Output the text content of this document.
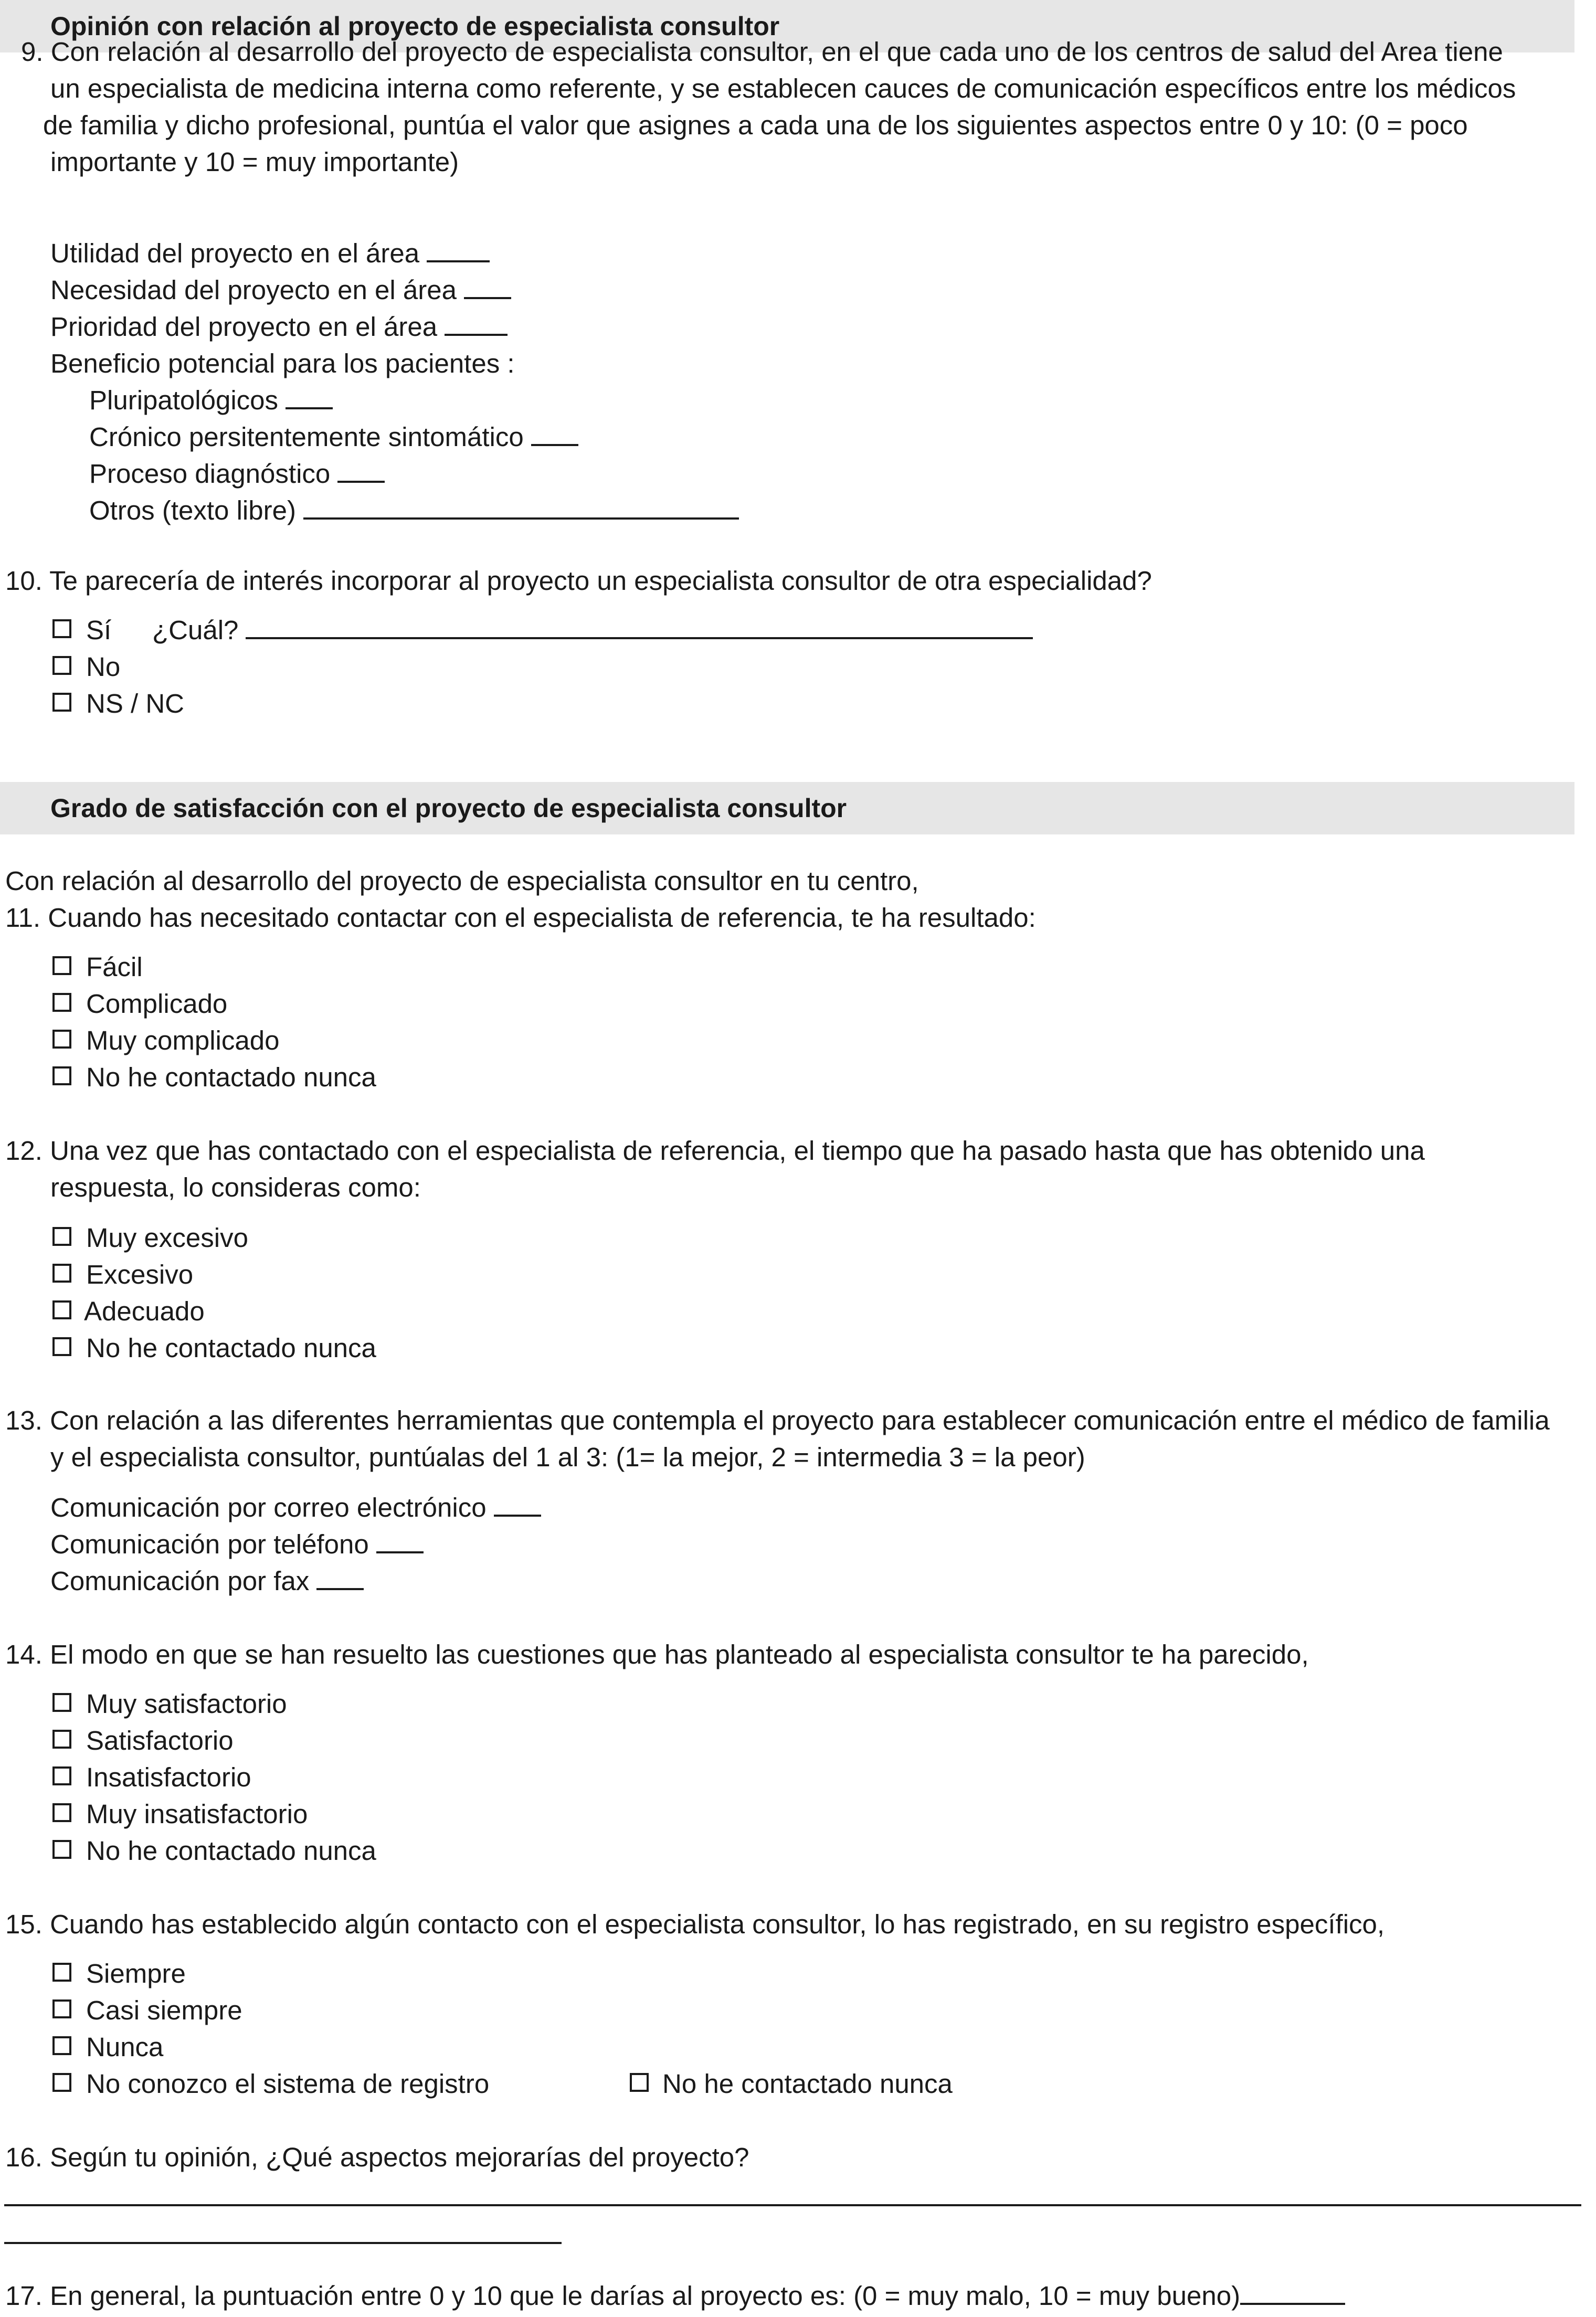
Opinión con relación al proyecto de especialista consultor
9. Con relación al desarrollo del proyecto de especialista consultor, en el que cada uno de los centros de salud del Area tiene
un especialista de medicina interna como referente, y se establecen cauces de comunicación específicos entre los médicos
de familia y dicho profesional, puntúa el valor que asignes a cada una de los siguientes aspectos entre 0 y 10: (0 = poco
importante y 10 = muy importante)
Utilidad del proyecto en el área
Necesidad del proyecto en el área
Prioridad del proyecto en el área
Beneficio potencial para los pacientes :
Pluripatológicos
Crónico persitentemente sintomático
Proceso diagnóstico
Otros (texto libre)
10. Te parecería de interés incorporar al proyecto un especialista consultor de otra especialidad?
Sí ¿Cuál?
No
NS / NC
Grado de satisfacción con el proyecto de especialista consultor
Con relación al desarrollo del proyecto de especialista consultor en tu centro,
11. Cuando has necesitado contactar con el especialista de referencia, te ha resultado:
Fácil
Complicado
Muy complicado
No he contactado nunca
12. Una vez que has contactado con el especialista de referencia, el tiempo que ha pasado hasta que has obtenido una
respuesta, lo consideras como:
Muy excesivo
Excesivo
Adecuado
No he contactado nunca
13. Con relación a las diferentes herramientas que contempla el proyecto para establecer comunicación entre el médico de familia
y el especialista consultor, puntúalas del 1 al 3: (1= la mejor, 2 = intermedia 3 = la peor)
Comunicación por correo electrónico
Comunicación por teléfono
Comunicación por fax
14. El modo en que se han resuelto las cuestiones que has planteado al especialista consultor te ha parecido,
Muy satisfactorio
Satisfactorio
Insatisfactorio
Muy insatisfactorio
No he contactado nunca
15. Cuando has establecido algún contacto con el especialista consultor, lo has registrado, en su registro específico,
Siempre
Casi siempre
Nunca
No conozco el sistema de registro	No he contactado nunca
16. Según tu opinión, ¿Qué aspectos mejorarías del proyecto?
17. En general, la puntuación entre 0 y 10 que le darías al proyecto es: (0 = muy malo, 10 = muy bueno)
